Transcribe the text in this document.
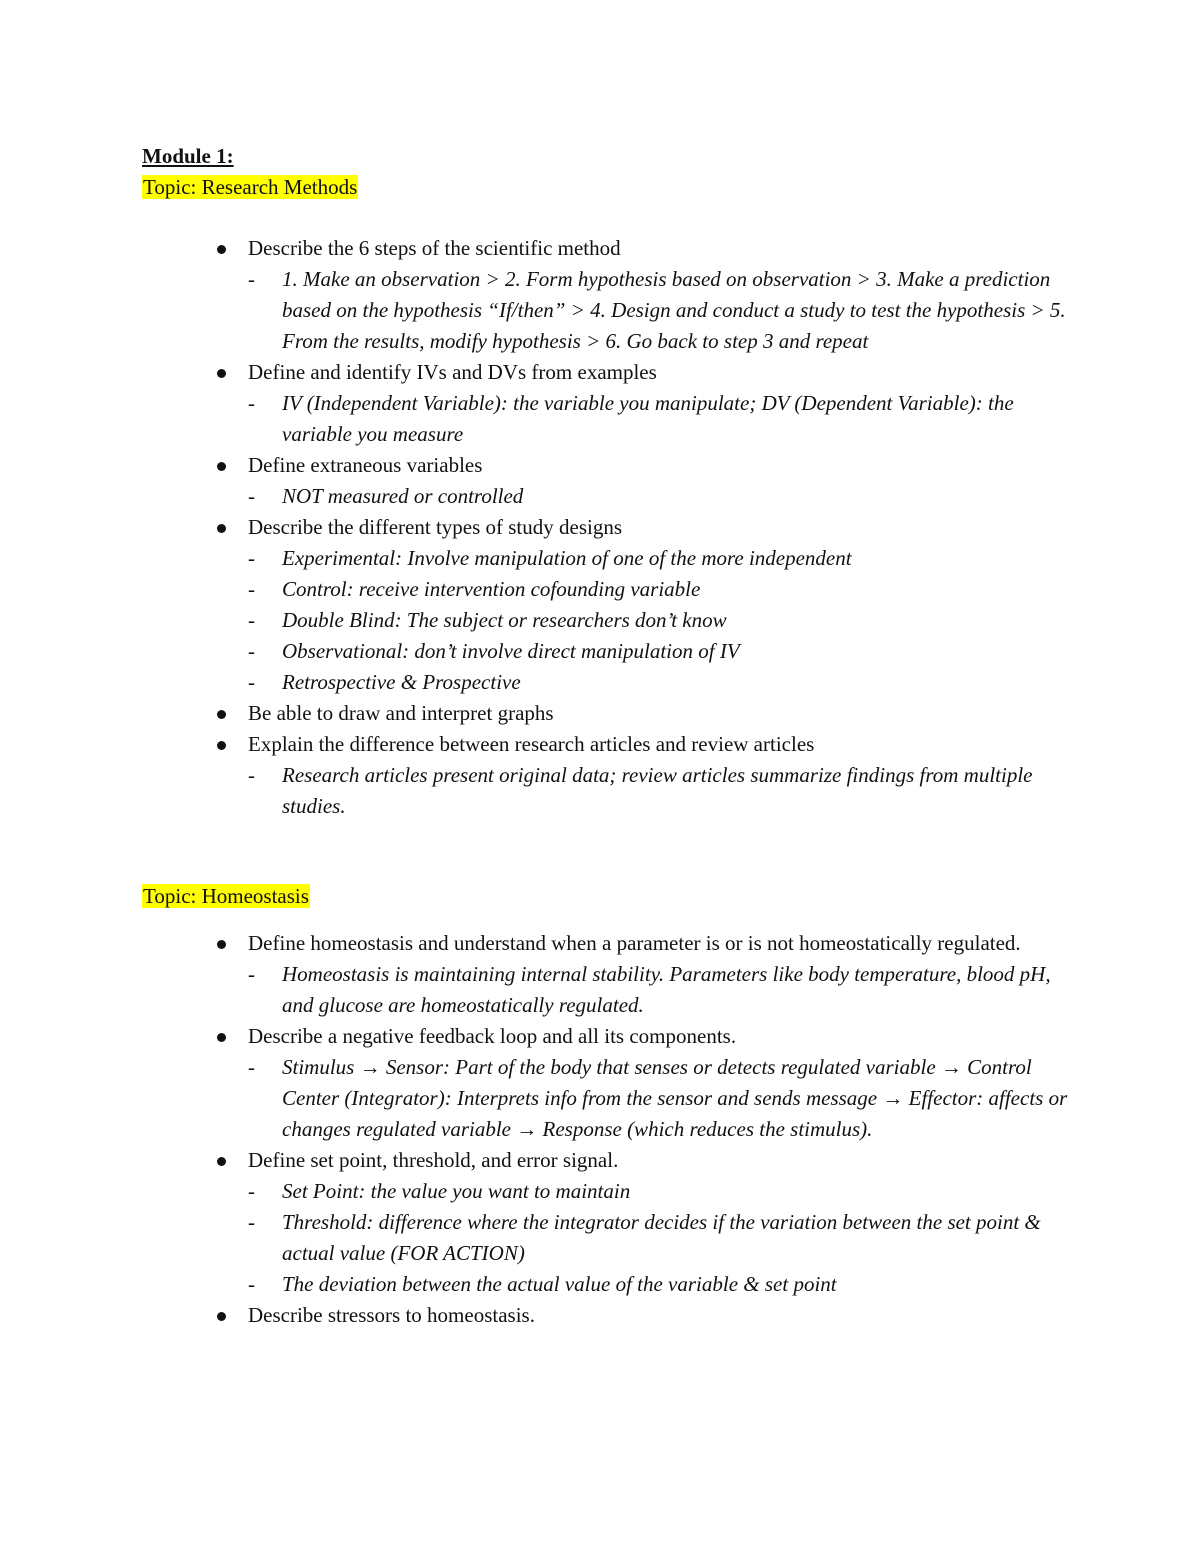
Module 1:
Topic: Research Methods
Describe the 6 steps of the scientific method
- 1. Make an observation > 2. Form hypothesis based on observation > 3. Make a prediction based on the hypothesis “If/then” > 4. Design and conduct a study to test the hypothesis > 5. From the results, modify hypothesis > 6. Go back to step 3 and repeat
Define and identify IVs and DVs from examples
- IV (Independent Variable): the variable you manipulate; DV (Dependent Variable): the variable you measure
Define extraneous variables
- NOT measured or controlled
Describe the different types of study designs
- Experimental: Involve manipulation of one of the more independent
- Control: receive intervention cofounding variable
- Double Blind: The subject or researchers don’t know
- Observational: don’t involve direct manipulation of IV
- Retrospective & Prospective
Be able to draw and interpret graphs
Explain the difference between research articles and review articles
- Research articles present original data; review articles summarize findings from multiple studies.
Topic: Homeostasis
Define homeostasis and understand when a parameter is or is not homeostatically regulated.
- Homeostasis is maintaining internal stability. Parameters like body temperature, blood pH, and glucose are homeostatically regulated.
Describe a negative feedback loop and all its components.
- Stimulus → Sensor: Part of the body that senses or detects regulated variable → Control Center (Integrator): Interprets info from the sensor and sends message → Effector: affects or changes regulated variable → Response (which reduces the stimulus).
Define set point, threshold, and error signal.
- Set Point: the value you want to maintain
- Threshold: difference where the integrator decides if the variation between the set point & actual value (FOR ACTION)
- The deviation between the actual value of the variable & set point
Describe stressors to homeostasis.
